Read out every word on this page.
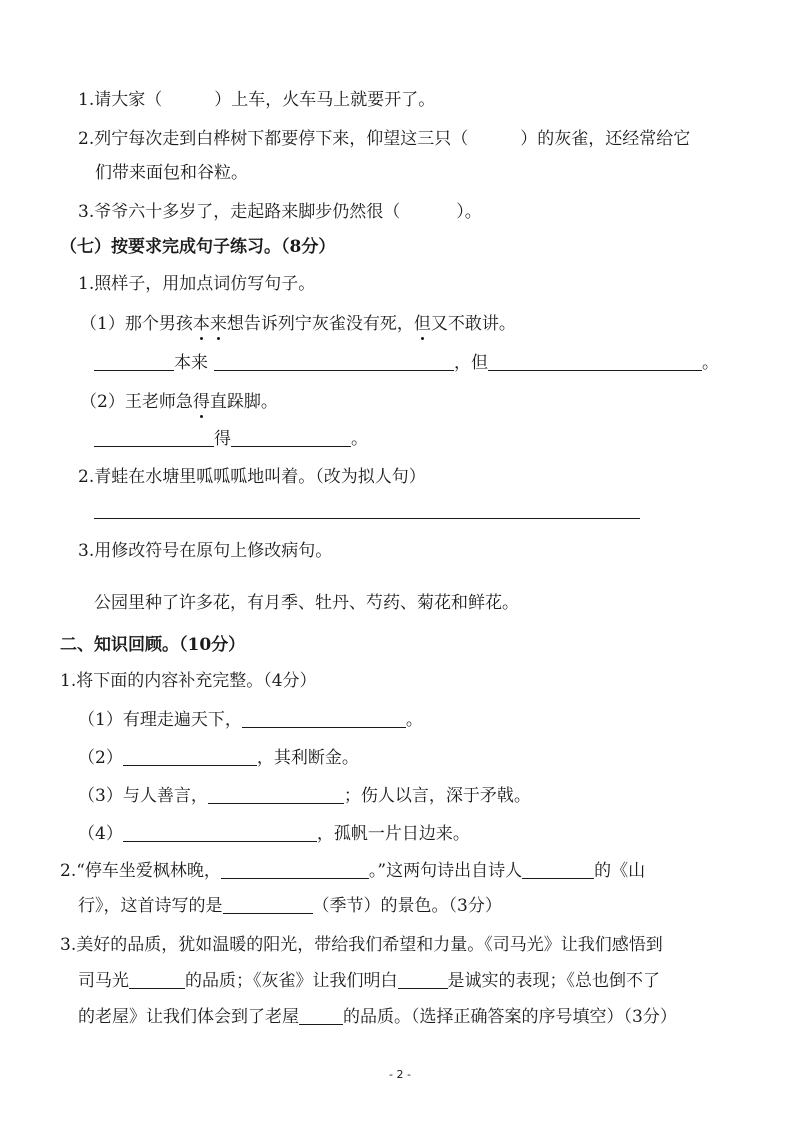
1.请大家（	）上车，火车马上就要开了。
2.列宁每次走到白桦树下都要停下来，仰望这三只（	）的灰雀，还经常给它
们带来面包和谷粒。
3.爷爷六十多岁了，走起路来脚步仍然很（	）。
（七）按要求完成句子练习。（8分）
1.照样子，用加点词仿写句子。
（1）那个男孩本来想告诉列宁灰雀没有死，但又不敢讲。
本来	，但	。
（2）王老师急得直跺脚。
得	。
2.青蛙在水塘里呱呱呱地叫着。（改为拟人句）
3.用修改符号在原句上修改病句。
公园里种了许多花，有月季、牡丹、芍药、菊花和鲜花。
二、知识回顾。（10分）
1.将下面的内容补充完整。（4分）
（1）有理走遍天下，	。
（2）	，其利断金。
（3）与人善言，	；伤人以言，深于矛戟。
（4）	，孤帆一片日边来。
2.“停车坐爱枫林晚，	。”这两句诗出自诗人	的《山
行》，这首诗写的是	（季节）的景色。（3分）
3.美好的品质，犹如温暖的阳光，带给我们希望和力量。《司马光》让我们感悟到
司马光	的品质；《灰雀》让我们明白	是诚实的表现；《总也倒不了
的老屋》让我们体会到了老屋	的品质。（选择正确答案的序号填空）（3分）
- 2 -
